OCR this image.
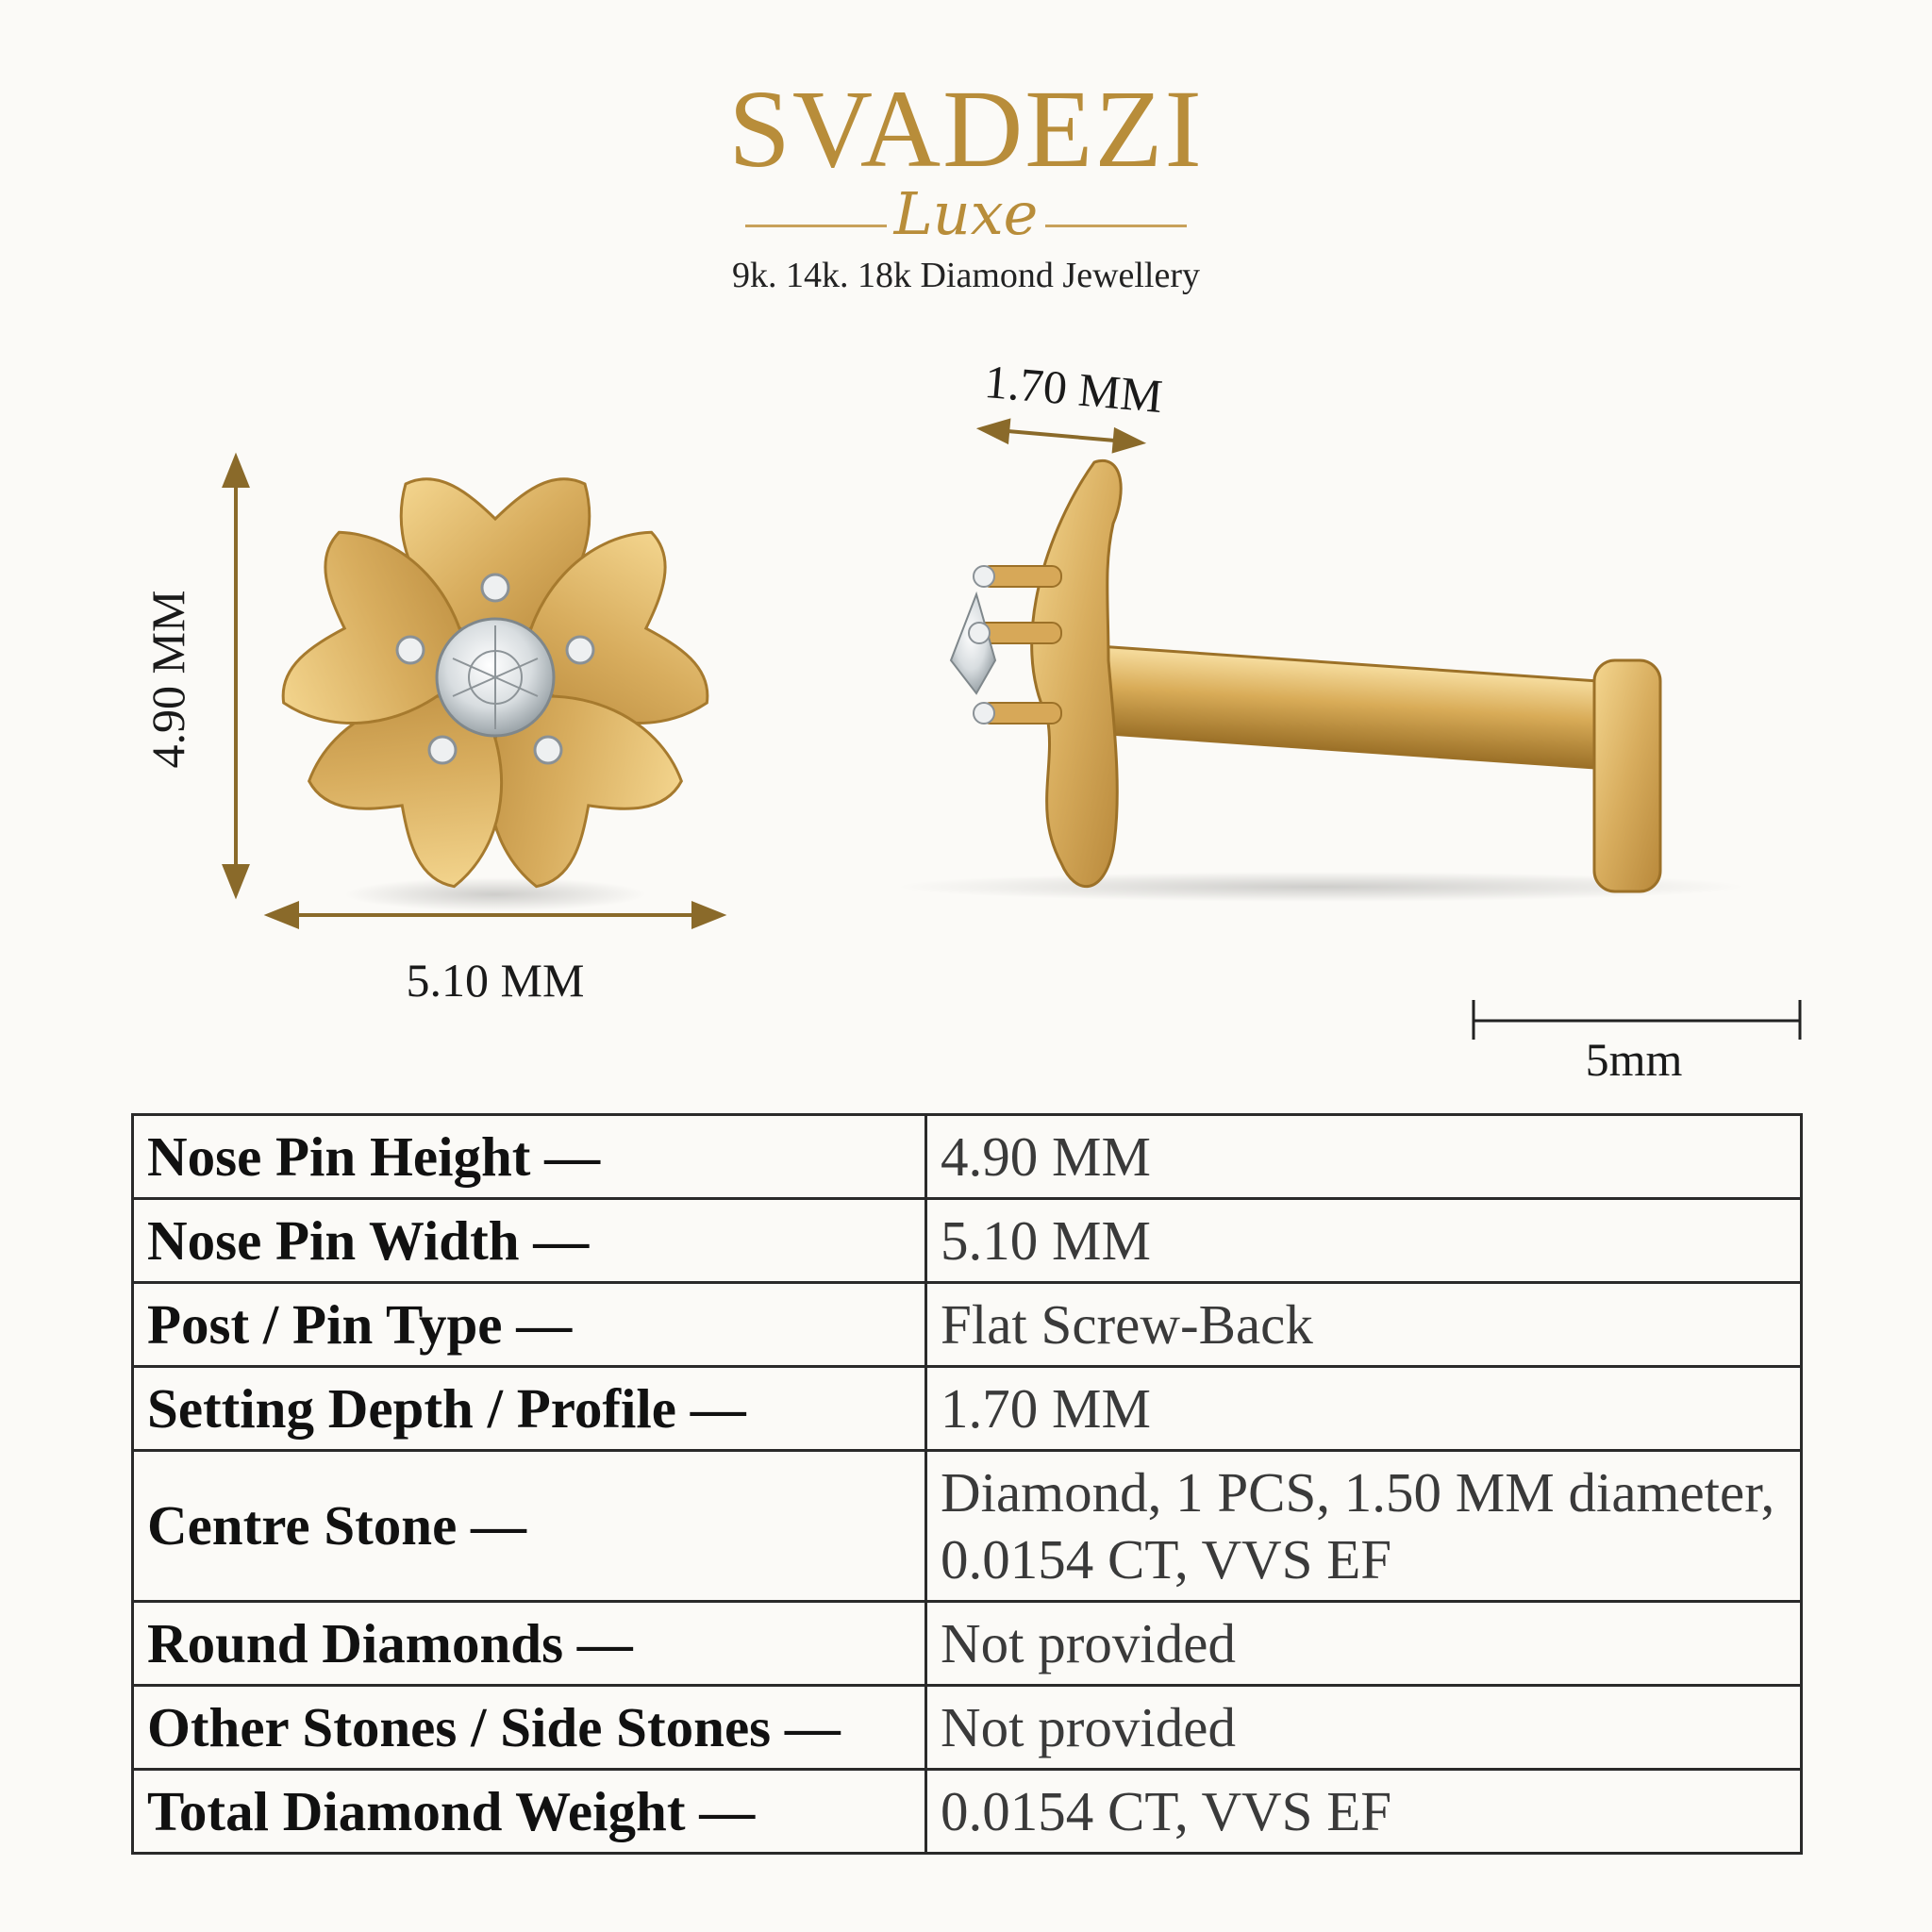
SVADEZI
Luxe
9k. 14k. 18k Diamond Jewellery
4.90 MM
5.10 MM
1.70 MM
5mm
Nose Pin Height —	4.90 MM
Nose Pin Width —	5.10 MM
Post / Pin Type —	Flat Screw-Back
Setting Depth / Profile —	1.70 MM
Centre Stone —	Diamond, 1 PCS, 1.50 MM diameter, 0.0154 CT, VVS EF
Round Diamonds —	Not provided
Other Stones / Side Stones —	Not provided
Total Diamond Weight —	0.0154 CT, VVS EF
